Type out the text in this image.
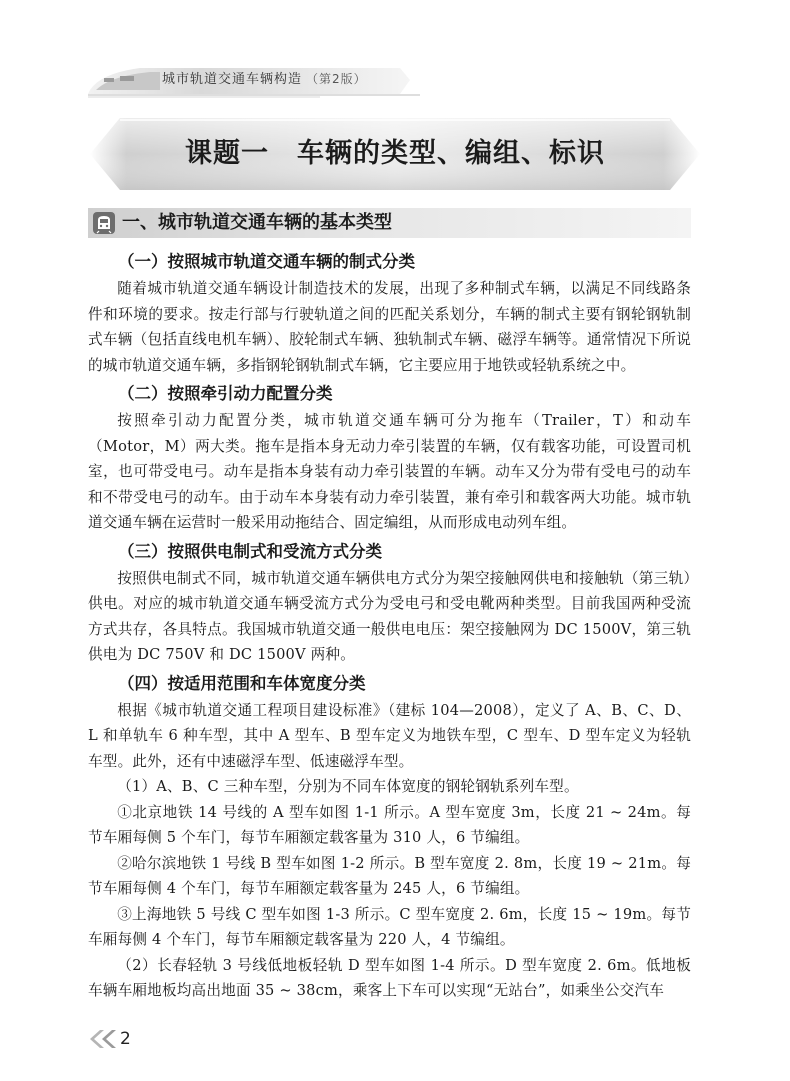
城市轨道交通车辆构造 （第2版）
课题一　车辆的类型、编组、标识
一、城市轨道交通车辆的基本类型
（一）按照城市轨道交通车辆的制式分类

随着城市轨道交通车辆设计制造技术的发展，出现了多种制式车辆，以满足不同线路条件和环境的要求。按走行部与行驶轨道之间的匹配关系划分，车辆的制式主要有钢轮钢轨制式车辆（包括直线电机车辆）、胶轮制式车辆、独轨制式车辆、磁浮车辆等。通常情况下所说的城市轨道交通车辆，多指钢轮钢轨制式车辆，它主要应用于地铁或轻轨系统之中。

（二）按照牵引动力配置分类

按照牵引动力配置分类，城市轨道交通车辆可分为拖车（Trailer，T）和动车（Motor，M）两大类。拖车是指本身无动力牵引装置的车辆，仅有载客功能，可设置司机室，也可带受电弓。动车是指本身装有动力牵引装置的车辆。动车又分为带有受电弓的动车和不带受电弓的动车。由于动车本身装有动力牵引装置，兼有牵引和载客两大功能。城市轨道交通车辆在运营时一般采用动拖结合、固定编组，从而形成电动列车组。

（三）按照供电制式和受流方式分类

按照供电制式不同，城市轨道交通车辆供电方式分为架空接触网供电和接触轨（第三轨）供电。对应的城市轨道交通车辆受流方式分为受电弓和受电靴两种类型。目前我国两种受流方式共存，各具特点。我国城市轨道交通一般供电电压：架空接触网为 DC 1500V，第三轨供电为 DC 750V 和 DC 1500V 两种。

（四）按适用范围和车体宽度分类

根据《城市轨道交通工程项目建设标准》（建标 104—2008），定义了 A、B、C、D、L 和单轨车 6 种车型，其中 A 型车、B 型车定义为地铁车型，C 型车、D 型车定义为轻轨车型。此外，还有中速磁浮车型、低速磁浮车型。

（1）A、B、C 三种车型，分别为不同车体宽度的钢轮钢轨系列车型。

①北京地铁 14 号线的 A 型车如图 1-1 所示。A 型车宽度 3m，长度 21 ~ 24m。每节车厢每侧 5 个车门，每节车厢额定载客量为 310 人，6 节编组。

②哈尔滨地铁 1 号线 B 型车如图 1-2 所示。B 型车宽度 2. 8m，长度 19 ~ 21m。每节车厢每侧 4 个车门，每节车厢额定载客量为 245 人，6 节编组。

③上海地铁 5 号线 C 型车如图 1-3 所示。C 型车宽度 2. 6m，长度 15 ~ 19m。每节车厢每侧 4 个车门，每节车厢额定载客量为 220 人，4 节编组。

（2）长春轻轨 3 号线低地板轻轨 D 型车如图 1-4 所示。D 型车宽度 2. 6m。低地板车辆车厢地板均高出地面 35 ~ 38cm，乘客上下车可以实现“无站台”，如乘坐公交汽车

2
